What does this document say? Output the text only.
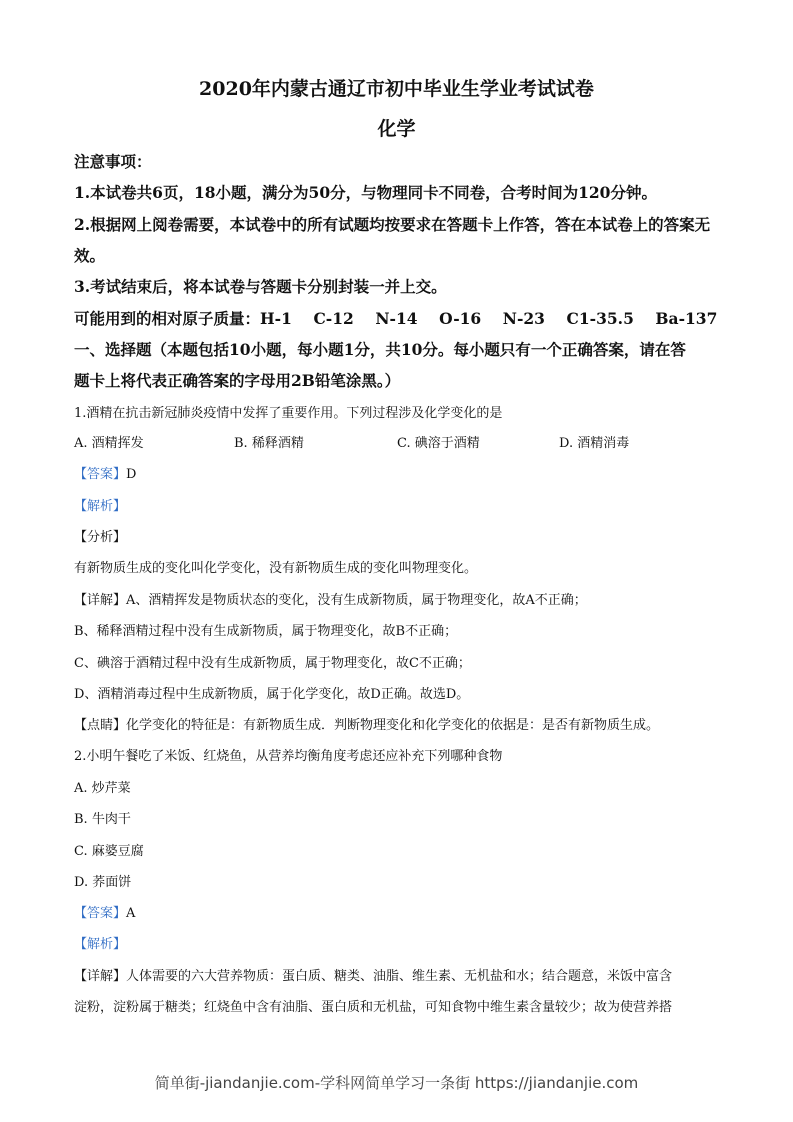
2020年内蒙古通辽市初中毕业生学业考试试卷
化学
注意事项：
1.本试卷共6页，18小题，满分为50分，与物理同卡不同卷，合考时间为120分钟。
2.根据网上阅卷需要，本试卷中的所有试题均按要求在答题卡上作答，答在本试卷上的答案无
效。
3.考试结束后，将本试卷与答题卡分别封装一并上交。
可能用到的相对原子质量：H-1    C-12    N-14    O-16    N-23    C1-35.5    Ba-137
一、选择题（本题包括10小题，每小题1分，共10分。每小题只有一个正确答案，请在答
题卡上将代表正确答案的字母用2B铅笔涂黑。）
1.酒精在抗击新冠肺炎疫情中发挥了重要作用。下列过程涉及化学变化的是
A. 酒精挥发	B. 稀释酒精	C. 碘溶于酒精	D. 酒精消毒
【答案】D
【解析】
【分析】
有新物质生成的变化叫化学变化，没有新物质生成的变化叫物理变化。
【详解】A、酒精挥发是物质状态的变化，没有生成新物质，属于物理变化，故A不正确；
B、稀释酒精过程中没有生成新物质，属于物理变化，故B不正确；
C、碘溶于酒精过程中没有生成新物质，属于物理变化，故C不正确；
D、酒精消毒过程中生成新物质，属于化学变化，故D正确。故选D。
【点睛】化学变化的特征是：有新物质生成．判断物理变化和化学变化的依据是：是否有新物质生成。
2.小明午餐吃了米饭、红烧鱼，从营养均衡角度考虑还应补充下列哪种食物
A. 炒芹菜
B. 牛肉干
C. 麻婆豆腐
D. 荞面饼
【答案】A
【解析】
【详解】人体需要的六大营养物质：蛋白质、糖类、油脂、维生素、无机盐和水；结合题意，米饭中富含
淀粉，淀粉属于糖类；红烧鱼中含有油脂、蛋白质和无机盐，可知食物中维生素含量较少；故为使营养搭
简单街-jiandanjie.com-学科网简单学习一条街 https://jiandanjie.com
